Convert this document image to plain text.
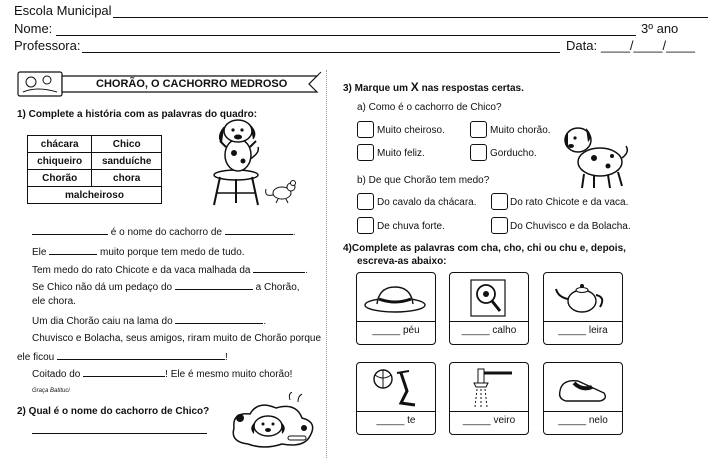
Escola Municipal
Nome:	3º ano
Professora:	Data: ____/____/____
CHORÃO, O CACHORRO MEDROSO
1) Complete a história com as palavras do quadro:
chácara	Chico
chiqueiro	sanduíche
Chorão	chora
malcheiroso	
é o nome do cachorro de	.
Ele	muito porque tem medo de tudo.
Tem medo do rato Chicote e da vaca malhada da	.
Se Chico não dá um pedaço do	a Chorão,
ele chora.
Um dia Chorão caiu na lama do	.
Chuvisco e Bolacha, seus amigos, riram muito de Chorão porque
ele ficou	!
Coitado do	! Ele é mesmo muito chorão!
Graça Batituci
2) Qual é o nome do cachorro de Chico?
3) Marque um X nas respostas certas.
a) Como é o cachorro de Chico?
Muito cheiroso.	Muito chorão.
Muito feliz.	Gorducho.
b) De que Chorão tem medo?
Do cavalo da chácara.	Do rato Chicote e da vaca.
De chuva forte.	Do Chuvisco e da Bolacha.
4)Complete as palavras com cha, cho, chi ou chu e, depois,
escreva-as abaixo:
_____ péu	_____ calho	_____ leira
_____ te	_____ veiro	_____ nelo
